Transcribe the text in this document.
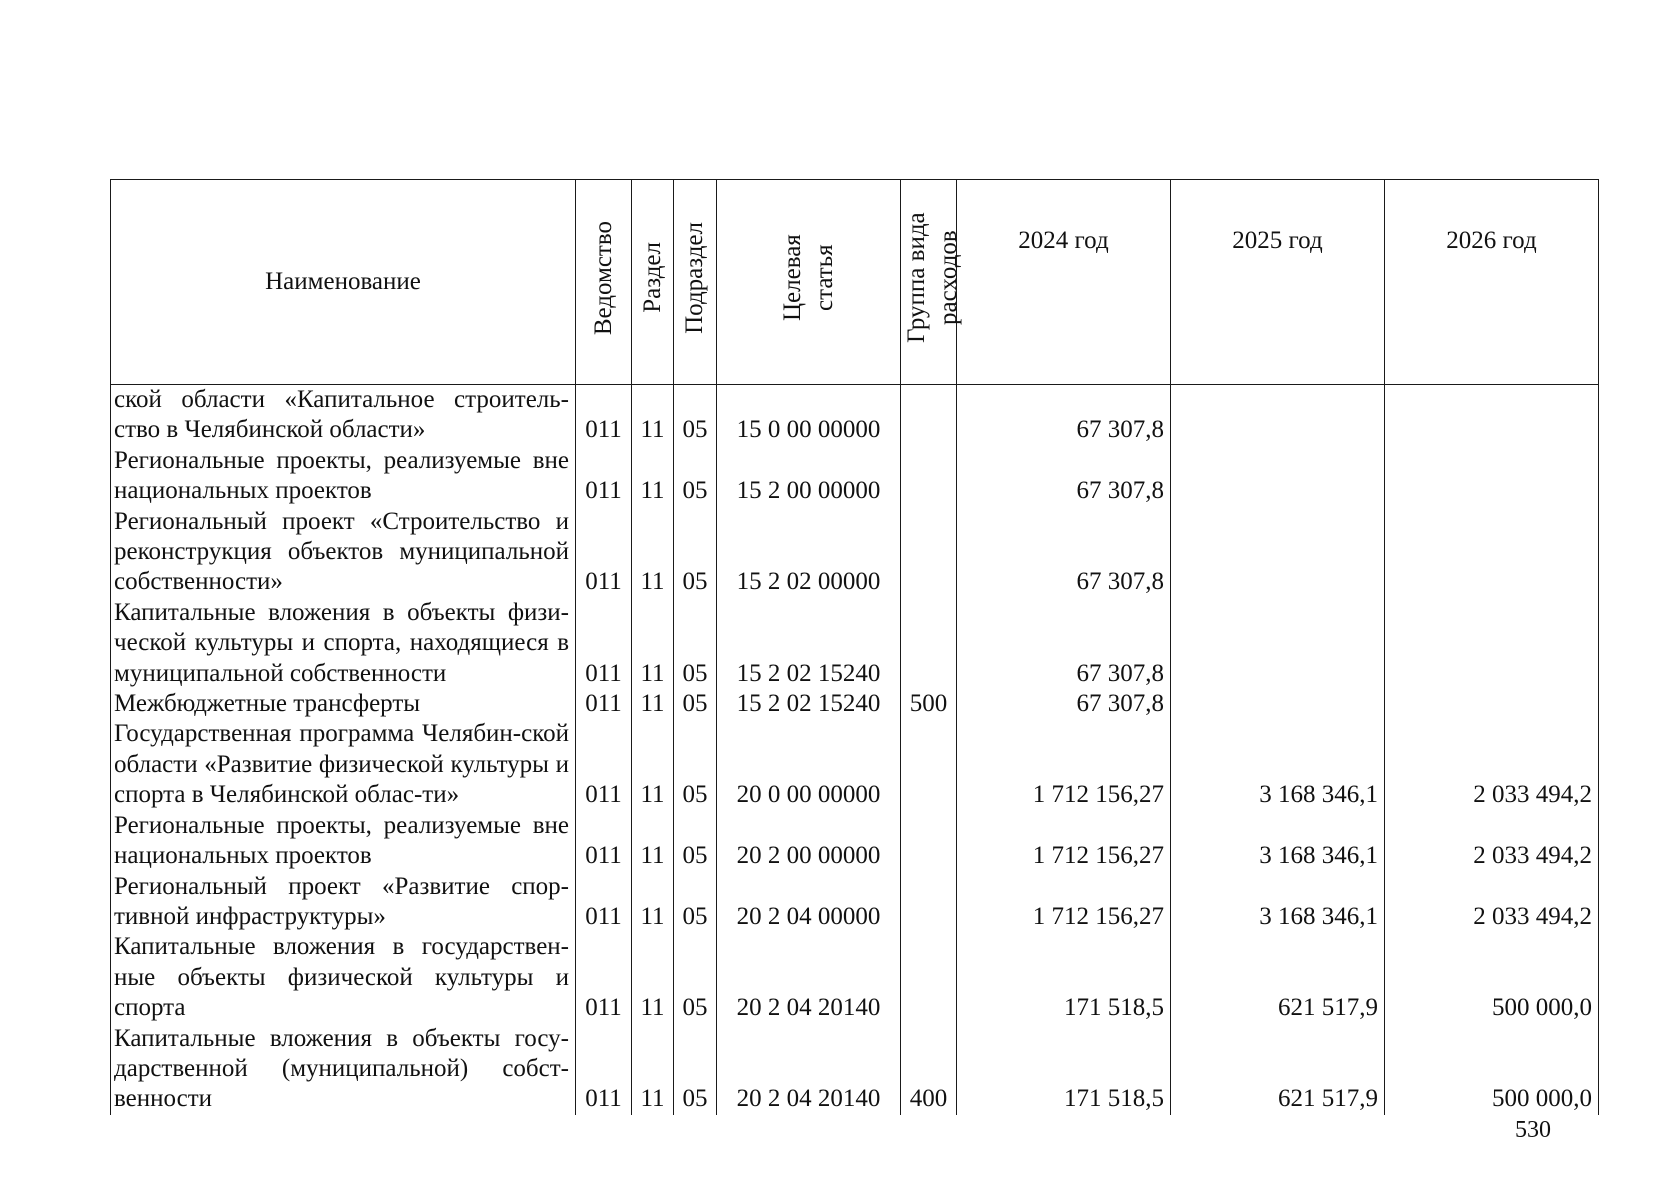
Наименование	Ведомство	Раздел	Подраздел	Целевая статья	Группа вида расходов	2024 год	2025 год	2026 год
ской области «Капитальное строитель-ство в Челябинской области»	011	11	05	15 0 00 00000		67 307,8		
Региональные проекты, реализуемые вне национальных проектов	011	11	05	15 2 00 00000		67 307,8		
Региональный проект «Строительство и реконструкция объектов муниципальной собственности»	011	11	05	15 2 02 00000		67 307,8		
Капитальные вложения в объекты физи-ческой культуры и спорта, находящиеся в муниципальной собственности	011	11	05	15 2 02 15240		67 307,8		
Межбюджетные трансферты	011	11	05	15 2 02 15240	500	67 307,8		
Государственная программа Челябин-ской области «Развитие физической культуры и спорта в Челябинской облас-ти»	011	11	05	20 0 00 00000		1 712 156,27	3 168 346,1	2 033 494,2
Региональные проекты, реализуемые вне национальных проектов	011	11	05	20 2 00 00000		1 712 156,27	3 168 346,1	2 033 494,2
Региональный проект «Развитие спор-тивной инфраструктуры»	011	11	05	20 2 04 00000		1 712 156,27	3 168 346,1	2 033 494,2
Капитальные вложения в государствен-ные объекты физической культуры и спорта	011	11	05	20 2 04 20140		171 518,5	621 517,9	500 000,0
Капитальные вложения в объекты госу-дарственной (муниципальной) собст-венности	011	11	05	20 2 04 20140	400	171 518,5	621 517,9	500 000,0
530
